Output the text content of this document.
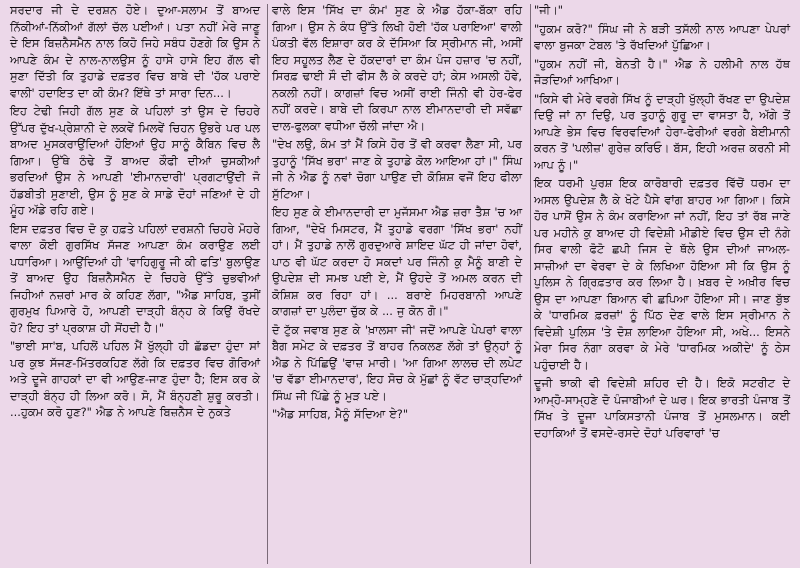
ਸਰਦਾਰ ਜੀ ਦੇ ਦਰਸ਼ਨ ਹੋਏ। ਦੁਆ-ਸਲਾਮ ਤੋਂ ਬਾਅਦ ਨਿੱਕੀਆਂ-ਨਿੱਕੀਆਂ ਗੱਲਾਂ ਚੱਲ ਪਈਆਂ। ਪਤਾ ਨਹੀਂ ਮੇਰੇ ਜਾਣੂ ਦੇ ਇਸ ਬਿਜ਼ਨੈਸਮੈਨ ਨਾਲ ਕਿਹੋ ਜਿਹੇ ਸਬੰਧ ਹੋਣਗੇ ਕਿ ਉਸ ਨੇ ਆਪਣੇ ਕੰਮ ਦੇ ਨਾਲ-ਨਾਲਉਸ ਨੂੰ ਹਾਸੇ ਹਾਸੇ ਇਹ ਗੱਲ ਵੀ ਸੁਣਾ ਦਿੱਤੀ ਕਿ ਤੁਹਾਡੇ ਦਫ਼ਤਰ ਵਿਚ ਬਾਬੇ ਦੀ 'ਹੱਕ ਪਰਾਏ ਵਾਲੀ' ਹਦਾਇਤ ਦਾ ਕੀ ਕੰਮ? ਇੱਥੇ ਤਾਂ ਸਾਰਾ ਦਿਨ...।

ਇਹ ਟੇਢੀ ਜਿਹੀ ਗੱਲ ਸੁਣ ਕੇ ਪਹਿਲਾਂ ਤਾਂ ਉਸ ਦੇ ਚਿਹਰੇ ਉੱਪਰ ਦੁੱਖ-ਪ੍ਰੇਸ਼ਾਨੀ ਦੇ ਲਕਵੇਂ ਮਿਲਵੇਂ ਚਿਹਨ ਉਭਰੇ ਪਰ ਪਲ ਬਾਅਦ ਮੁਸਕਰਾਉਂਦਿਆਂ ਹੋਇਆਂ ਉਹ ਸਾਨੂੰ ਕੈਬਿਨ ਵਿਚ ਲੈ ਗਿਆ। ਉੱਥੇ ਠੰਢੇ ਤੋਂ ਬਾਅਦ ਕੌਫੀ ਦੀਆਂ ਚੁਸਕੀਆਂ ਭਰਦਿਆਂ ਉਸ ਨੇ ਆਪਣੀ 'ਈਮਾਨਦਾਰੀ' ਪ੍ਰਗਟਾਉਂਦੀ ਜੋ ਹੱਡਬੀਤੀ ਸੁਣਾਈ, ਉਸ ਨੂੰ ਸੁਣ ਕੇ ਸਾਡੇ ਦੋਹਾਂ ਜਣਿਆਂ ਦੇ ਹੀ ਮੂੰਹ ਅੱਡੇ ਰਹਿ ਗਏ।

ਇਸ ਦਫ਼ਤਰ ਵਿਚ ਦੋ ਕੁ ਹਫ਼ਤੇ ਪਹਿਲਾਂ ਦਰਸ਼ਨੀ ਚਿਹਰੇ ਮੋਹਰੇ ਵਾਲਾ ਕੋਈ ਗੁਰਸਿੱਖ ਸੱਜਣ ਆਪਣਾ ਕੰਮ ਕਰਾਉਣ ਲਈ ਪਧਾਰਿਆ। ਆਉਂਦਿਆਂ ਹੀ 'ਵਾਹਿਗੁਰੂ ਜੀ ਕੀ ਫਤਿ' ਬੁਲਾਉਣ ਤੋਂ ਬਾਅਦ ਉਹ ਬਿਜ਼ਨੈਸਮੈਨ ਦੇ ਚਿਹਰੇ ਉੱਤੇ ਚੁਭਵੀਆਂ ਜਿਹੀਆਂ ਨਜ਼ਰਾਂ ਮਾਰ ਕੇ ਕਹਿਣ ਲੱਗਾ, "ਐਡ ਸਾਹਿਬ, ਤੁਸੀਂ ਗੁਰਮੁਖ ਪਿਆਰੇ ਹੋ, ਆਪਣੀ ਦਾੜ੍ਹੀ ਬੰਨ੍ਹ ਕੇ ਕਿਉਂ ਰੱਖਦੇ ਹੋ? ਇਹ ਤਾਂ ਪ੍ਰਕਾਸ਼ ਹੀ ਸੋਂਹਦੀ ਹੈ।"

"ਭਾਈ ਸਾ'ਬ, ਪਹਿਲੋਂ ਪਹਿਲ ਮੈਂ ਖੁੱਲ੍ਹੀ ਹੀ ਛੱਡਦਾ ਹੁੰਦਾ ਸਾਂ ਪਰ ਕੁਝ ਸੱਜਣ-ਮਿੱਤਰਕਹਿਣ ਲੱਗੇ ਕਿ ਦਫ਼ਤਰ ਵਿਚ ਗੋਰਿਆਂ ਅਤੇ ਦੂਜੇ ਗਾਹਕਾਂ ਦਾ ਵੀ ਆਉਣ-ਜਾਣ ਹੁੰਦਾ ਹੈ; ਇਸ ਕਰ ਕੇ ਦਾੜ੍ਹੀ ਬੰਨ੍ਹ ਹੀ ਲਿਆ ਕਰੋ। ਸੋ, ਮੈਂ ਬੰਨ੍ਹਣੀ ਸ਼ੁਰੂ ਕਰਤੀ। ...ਹੁਕਮ ਕਰੋ ਹੁਣ?" ਐਡ ਨੇ ਆਪਣੇ ਬਿਜ਼ਨੈਸ ਦੇ ਨੁਕਤੇ

ਵਾਲੇ ਇਸ 'ਸਿੱਖ ਦਾ ਕੰਮ' ਸੁਣ ਕੇ ਐਡ ਹੱਕਾ-ਬੱਕਾ ਰਹਿ ਗਿਆ। ਉਸ ਨੇ ਕੰਧ ਉੱਤੇ ਲਿਖੀ ਹੋਈ 'ਹੱਕ ਪਰਾਇਆ' ਵਾਲੀ ਪੰਕਤੀ ਵੱਲ ਇਸ਼ਾਰਾ ਕਰ ਕੇ ਦੱਸਿਆ ਕਿ ਸ੍ਰੀਮਾਨ ਜੀ, ਅਸੀਂ ਇਹ ਸਹੂਲਤ ਲੈਣ ਦੇ ਹੱਕਦਾਰਾਂ ਦਾ ਕੰਮ ਪੰਜ ਹਜ਼ਾਰ 'ਚ ਨਹੀਂ, ਸਿਰਫ਼ ਢਾਈ ਸੌ ਦੀ ਫੀਸ ਲੈ ਕੇ ਕਰਦੇ ਹਾਂ; ਕੇਸ ਅਸਲੀ ਹੋਵੇ, ਨਕਲੀ ਨਹੀਂ। ਕਾਗਜ਼ਾਂ ਵਿਚ ਅਸੀਂ ਰਾਈ ਜਿੰਨੀ ਵੀ ਹੇਰ-ਫੇਰ ਨਹੀਂ ਕਰਦੇ। ਬਾਬੇ ਦੀ ਕਿਰਪਾ ਨਾਲ ਈਮਾਨਦਾਰੀ ਦੀ ਸਵੱਛਾ ਦਾਲ-ਫੁਲਕਾ ਵਧੀਆ ਚੱਲੀ ਜਾਂਦਾ ਐ।

"ਦੇਖ ਲਉ, ਕੰਮ ਤਾਂ ਮੈਂ ਕਿਸੇ ਹੋਰ ਤੋਂ ਵੀ ਕਰਵਾ ਲੈਣਾ ਸੀ, ਪਰ ਤੁਹਾਨੂੰ 'ਸਿੱਖ ਭਰਾ' ਜਾਣ ਕੇ ਤੁਹਾਡੇ ਕੋਲ ਆਇਆ ਹਾਂ।" ਸਿੰਘ ਜੀ ਨੇ ਐਡ ਨੂੰ ਨਵਾਂ ਚੋਗਾ ਪਾਉਣ ਦੀ ਕੋਸ਼ਿਸ਼ ਵਜੋਂ ਇਹ ਫੀਲਾ ਸੁੱਟਿਆ।

ਇਹ ਸੁਣ ਕੇ ਈਮਾਨਦਾਰੀ ਦਾ ਮੁਜੱਸਮਾ ਐਡ ਜ਼ਰਾ ਤੈਸ਼ 'ਚ ਆ ਗਿਆ, "ਦੇਖੋ ਮਿਸਟਰ, ਮੈਂ ਤੁਹਾਡੇ ਵਰਗਾ 'ਸਿੱਖ ਭਰਾ' ਨਹੀਂ ਹਾਂ। ਮੈਂ ਤੁਹਾਡੇ ਨਾਲੋਂ ਗੁਰਦੁਆਰੇ ਸ਼ਾਇਦ ਘੱਟ ਹੀ ਜਾਂਦਾ ਹੋਵਾਂ, ਪਾਠ ਵੀ ਘੱਟ ਕਰਦਾ ਹੋ ਸਕਦਾਂ ਪਰ ਜਿੰਨੀ ਕੁ ਮੈਨੂੰ ਬਾਣੀ ਦੇ ਉਪਦੇਸ਼ ਦੀ ਸਮਝ ਪਈ ਏ, ਮੈਂ ਉਹਦੇ ਤੋਂ ਅਮਲ ਕਰਨ ਦੀ ਕੋਸ਼ਿਸ਼ ਕਰ ਰਿਹਾ ਹਾਂ। ... ਬਰਾਏ ਮਿਹਰਬਾਨੀ ਆਪਣੇ ਕਾਗਜ਼ਾਂ ਦਾ ਪੁਲੰਦਾ ਚੁੱਕ ਕੇ ... ਜੁ ਕੋਨ ਗੋ।"

ਦੋ ਟੁੱਕ ਜਵਾਬ ਸੁਣ ਕੇ 'ਖ਼ਾਲਸਾ ਜੀ' ਜਦੋਂ ਆਪਣੇ ਪੇਪਰਾਂ ਵਾਲਾ ਬੈਗ ਸਮੇਟ ਕੇ ਦਫ਼ਤਰ ਤੋਂ ਬਾਹਰ ਨਿਕਲਣ ਲੱਗੇ ਤਾਂ ਉਨ੍ਹਾਂ ਨੂੰ ਐਡ ਨੇ ਪਿੱਛਿਉਂ 'ਵਾਜ਼ ਮਾਰੀ। 'ਆ ਗਿਆ ਲਾਲਚ ਦੀ ਲਪੇਟ 'ਚ ਵੱਡਾ ਈਮਾਨਦਾਰ', ਇਹ ਸੋਚ ਕੇ ਮੁੱਛਾਂ ਨੂੰ ਵੱਟ ਚਾੜ੍ਹਦਿਆਂ ਸਿੰਘ ਜੀ ਪਿੱਛੇ ਨੂੰ ਮੁੜ ਪਏ।

"ਐਡ ਸਾਹਿਬ, ਮੈਨੂੰ ਸੱਦਿਆ ਏ?"

"ਜੀ।"

"ਹੁਕਮ ਕਰੋ?" ਸਿੰਘ ਜੀ ਨੇ ਬੜੀ ਤਸੱਲੀ ਨਾਲ ਆਪਣਾ ਪੇਪਰਾਂ ਵਾਲਾ ਬੁਜਕਾ ਟੇਬਲ 'ਤੇ ਰੱਖਦਿਆਂ ਪੁੱਛਿਆ।

"ਹੁਕਮ ਨਹੀਂ ਜੀ, ਬੇਨਤੀ ਹੈ।" ਐਡ ਨੇ ਹਲੀਮੀ ਨਾਲ ਹੱਥ ਜੋੜਦਿਆਂ ਆਖਿਆ।

"ਕਿਸੇ ਵੀ ਮੇਰੇ ਵਰਗੇ ਸਿੱਖ ਨੂੰ ਦਾੜ੍ਹੀ ਖੁੱਲ੍ਹੀ ਰੱਖਣ ਦਾ ਉਪਦੇਸ਼ ਦਿਉ ਜਾਂ ਨਾ ਦਿਉ, ਪਰ ਤੁਹਾਨੂੰ ਗੁਰੂ ਦਾ ਵਾਸਤਾ ਹੈ, ਅੱਗੇ ਤੋਂ ਆਪਣੇ ਭੇਸ ਵਿਚ ਵਿਰਵਦਿਆਂ ਹੇਰਾ-ਫੇਰੀਆਂ ਵਰਗੇ ਬੇਈਮਾਨੀ ਕਰਨ ਤੋਂ 'ਪਲੀਜ਼' ਗੁਰੇਜ਼ ਕਰਿਓ। ਬੱਸ, ਇਹੀ ਅਰਜ਼ ਕਰਨੀ ਸੀ ਆਪ ਨੂੰ।"

ਇਕ ਧਰਮੀ ਪੁਰਸ਼ ਇਕ ਕਾਰੋਬਾਰੀ ਦਫ਼ਤਰ ਵਿੱਚੋਂ ਧਰਮ ਦਾ ਅਸਲ ਉਪਦੇਸ਼ ਲੈ ਕੇ ਖੋਟੇ ਪੈਸੇ ਵਾਂਗ ਬਾਹਰ ਆ ਗਿਆ। ਕਿਸੇ ਹੋਰ ਪਾਸੋਂ ਉਸ ਨੇ ਕੰਮ ਕਰਾਇਆ ਜਾਂ ਨਹੀਂ, ਇਹ ਤਾਂ ਰੱਬ ਜਾਣੇ ਪਰ ਮਹੀਨੇ ਕੁ ਬਾਅਦ ਹੀ ਵਿਦੇਸ਼ੀ ਮੀਡੀਏ ਵਿਚ ਉਸ ਦੀ ਨੰਗੇ ਸਿਰ ਵਾਲੀ ਫੋਟੋ ਛਪੀ ਜਿਸ ਦੇ ਥੱਲੇ ਉਸ ਦੀਆਂ ਜਾਅਲ-ਸਾਜ਼ੀਆਂ ਦਾ ਵੇਰਵਾ ਦੇ ਕੇ ਲਿਖਿਆ ਹੋਇਆ ਸੀ ਕਿ ਉਸ ਨੂੰ ਪੁਲਿਸ ਨੇ ਗ੍ਰਿਫ਼ਤਾਰ ਕਰ ਲਿਆ ਹੈ। ਖ਼ਬਰ ਦੇ ਅਖ਼ੀਰ ਵਿਚ ਉਸ ਦਾ ਆਪਣਾ ਬਿਆਨ ਵੀ ਛਪਿਆ ਹੋਇਆ ਸੀ। ਜਾਣ ਬੁੱਝ ਕੇ 'ਧਾਰਮਿਕ ਫ਼ਰਜ਼ਾਂ' ਨੂੰ ਪਿੱਠ ਦੇਣ ਵਾਲੇ ਇਸ ਸ੍ਰੀਮਾਨ ਨੇ ਵਿਦੇਸ਼ੀ ਪੁਲਿਸ 'ਤੇ ਦੋਸ਼ ਲਾਇਆ ਹੋਇਆ ਸੀ, ਅਖੇ... ਇਸਨੇ ਮੇਰਾ ਸਿਰ ਨੰਗਾ ਕਰਵਾ ਕੇ ਮੇਰੇ 'ਧਾਰਮਿਕ ਅਕੀਦੇ' ਨੂੰ ਠੇਸ ਪਹੁੰਚਾਈ ਹੈ।

ਦੂਜੀ ਝਾਕੀ ਵੀ ਵਿਦੇਸ਼ੀ ਸ਼ਹਿਰ ਦੀ ਹੈ। ਇਕੋ ਸਟਰੀਟ ਦੇ ਆਮ੍ਹੋ-ਸਾਮ੍ਹਣੇ ਦੋ ਪੰਜਾਬੀਆਂ ਦੇ ਘਰ। ਇਕ ਭਾਰਤੀ ਪੰਜਾਬ ਤੋਂ ਸਿੱਖ ਤੇ ਦੂਜਾ ਪਾਕਿਸਤਾਨੀ ਪੰਜਾਬ ਤੋਂ ਮੁਸਲਮਾਨ। ਕਈ ਦਹਾਕਿਆਂ ਤੋਂ ਵਸਦੇ-ਰਸਦੇ ਦੋਹਾਂ ਪਰਿਵਾਰਾਂ 'ਚ
